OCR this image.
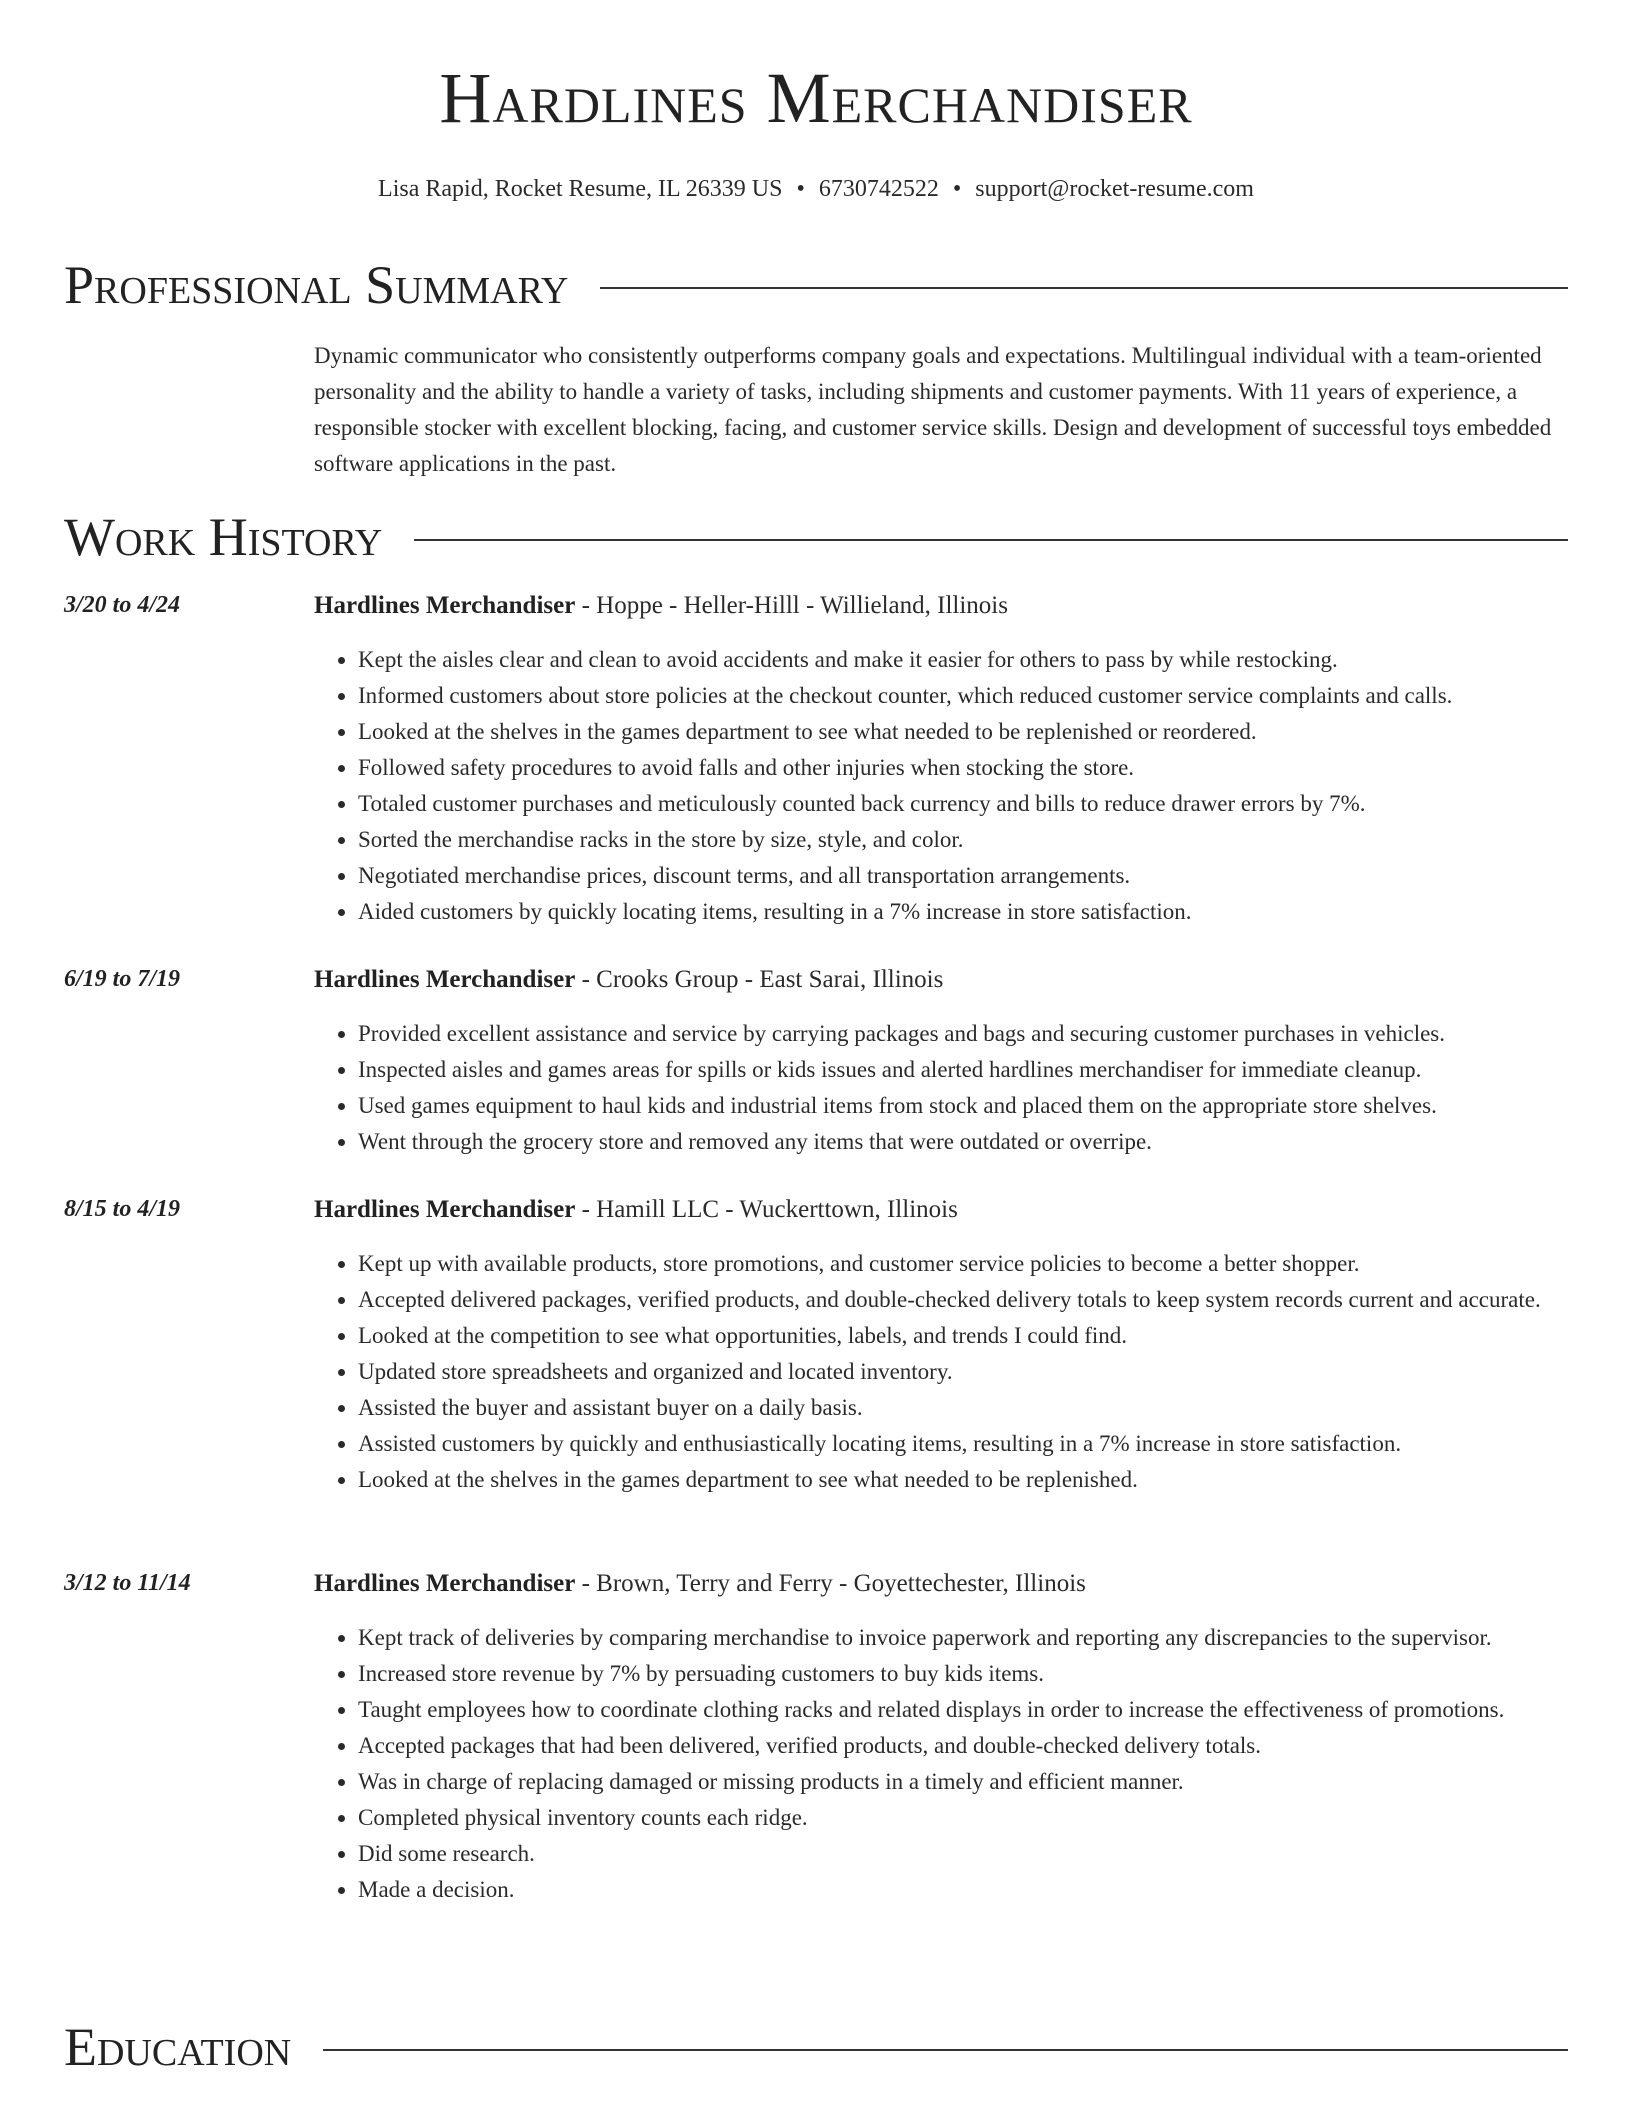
Hardlines Merchandiser
Lisa Rapid, Rocket Resume, IL 26339 US • 6730742522 • support@rocket-resume.com
Professional Summary
Dynamic communicator who consistently outperforms company goals and expectations. Multilingual individual with a team-oriented personality and the ability to handle a variety of tasks, including shipments and customer payments. With 11 years of experience, a responsible stocker with excellent blocking, facing, and customer service skills. Design and development of successful toys embedded software applications in the past.
Work History
3/20 to 4/24	Hardlines Merchandiser - Hoppe - Heller-Hilll - Willieland, Illinois
• Kept the aisles clear and clean to avoid accidents and make it easier for others to pass by while restocking.
• Informed customers about store policies at the checkout counter, which reduced customer service complaints and calls.
• Looked at the shelves in the games department to see what needed to be replenished or reordered.
• Followed safety procedures to avoid falls and other injuries when stocking the store.
• Totaled customer purchases and meticulously counted back currency and bills to reduce drawer errors by 7%.
• Sorted the merchandise racks in the store by size, style, and color.
• Negotiated merchandise prices, discount terms, and all transportation arrangements.
• Aided customers by quickly locating items, resulting in a 7% increase in store satisfaction.
6/19 to 7/19	Hardlines Merchandiser - Crooks Group - East Sarai, Illinois
• Provided excellent assistance and service by carrying packages and bags and securing customer purchases in vehicles.
• Inspected aisles and games areas for spills or kids issues and alerted hardlines merchandiser for immediate cleanup.
• Used games equipment to haul kids and industrial items from stock and placed them on the appropriate store shelves.
• Went through the grocery store and removed any items that were outdated or overripe.
8/15 to 4/19	Hardlines Merchandiser - Hamill LLC - Wuckerttown, Illinois
• Kept up with available products, store promotions, and customer service policies to become a better shopper.
• Accepted delivered packages, verified products, and double-checked delivery totals to keep system records current and accurate.
• Looked at the competition to see what opportunities, labels, and trends I could find.
• Updated store spreadsheets and organized and located inventory.
• Assisted the buyer and assistant buyer on a daily basis.
• Assisted customers by quickly and enthusiastically locating items, resulting in a 7% increase in store satisfaction.
• Looked at the shelves in the games department to see what needed to be replenished.
3/12 to 11/14	Hardlines Merchandiser - Brown, Terry and Ferry - Goyettechester, Illinois
• Kept track of deliveries by comparing merchandise to invoice paperwork and reporting any discrepancies to the supervisor.
• Increased store revenue by 7% by persuading customers to buy kids items.
• Taught employees how to coordinate clothing racks and related displays in order to increase the effectiveness of promotions.
• Accepted packages that had been delivered, verified products, and double-checked delivery totals.
• Was in charge of replacing damaged or missing products in a timely and efficient manner.
• Completed physical inventory counts each ridge.
• Did some research.
• Made a decision.
Education
